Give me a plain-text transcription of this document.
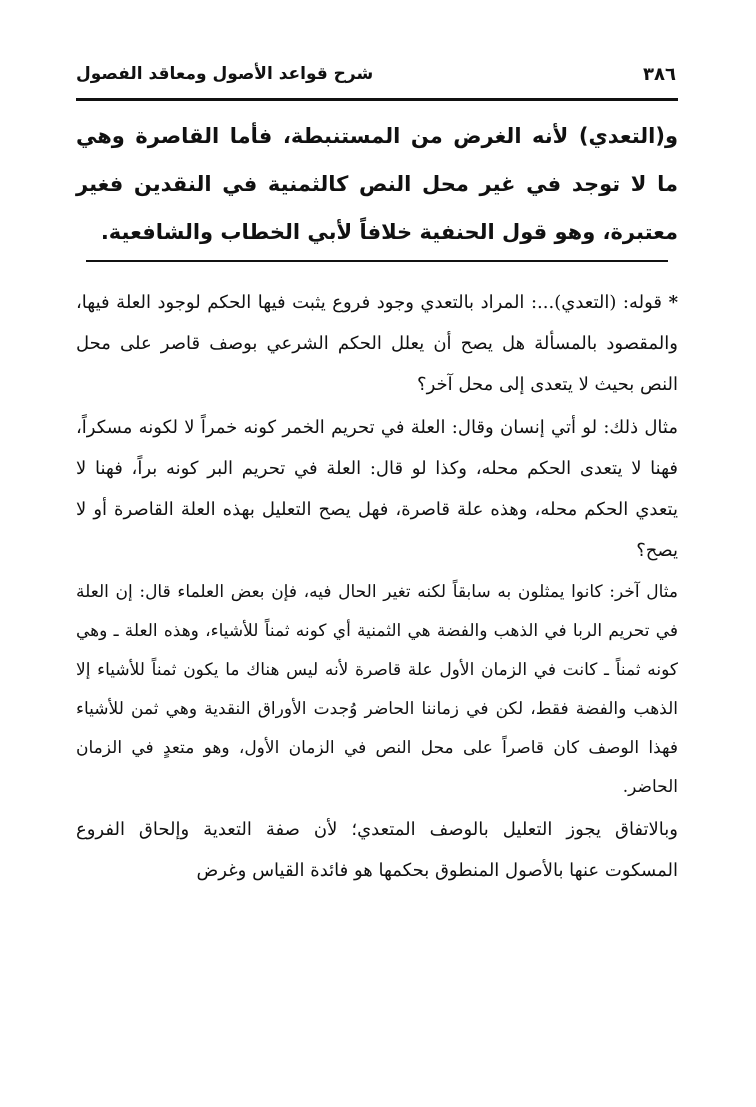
٣٨٦
شرح قواعد الأصول ومعاقد الفصول

و(التعدي) لأنه الغرض من المستنبطة، فأما القاصرة وهي ما لا توجد في غير محل النص كالثمنية في النقدين فغير معتبرة، وهو قول الحنفية خلافاً لأبي الخطاب والشافعية.

* قوله: (التعدي)...: المراد بالتعدي وجود فروع يثبت فيها الحكم لوجود العلة فيها، والمقصود بالمسألة هل يصح أن يعلل الحكم الشرعي بوصف قاصر على محل النص بحيث لا يتعدى إلى محل آخر؟

مثال ذلك: لو أتي إنسان وقال: العلة في تحريم الخمر كونه خمراً لا لكونه مسكراً، فهنا لا يتعدى الحكم محله، وكذا لو قال: العلة في تحريم البر كونه براً، فهنا لا يتعدي الحكم محله، وهذه علة قاصرة، فهل يصح التعليل بهذه العلة القاصرة أو لا يصح؟

مثال آخر: كانوا يمثلون به سابقاً لكنه تغير الحال فيه، فإن بعض العلماء قال: إن العلة في تحريم الربا في الذهب والفضة هي الثمنية أي كونه ثمناً للأشياء، وهذه العلة ـ وهي كونه ثمناً ـ كانت في الزمان الأول علة قاصرة لأنه ليس هناك ما يكون ثمناً للأشياء إلا الذهب والفضة فقط، لكن في زماننا الحاضر وُجدت الأوراق النقدية وهي ثمن للأشياء فهذا الوصف كان قاصراً على محل النص في الزمان الأول، وهو متعدٍ في الزمان الحاضر.

وبالاتفاق يجوز التعليل بالوصف المتعدي؛ لأن صفة التعدية وإلحاق الفروع المسكوت عنها بالأصول المنطوق بحكمها هو فائدة القياس وغرض
